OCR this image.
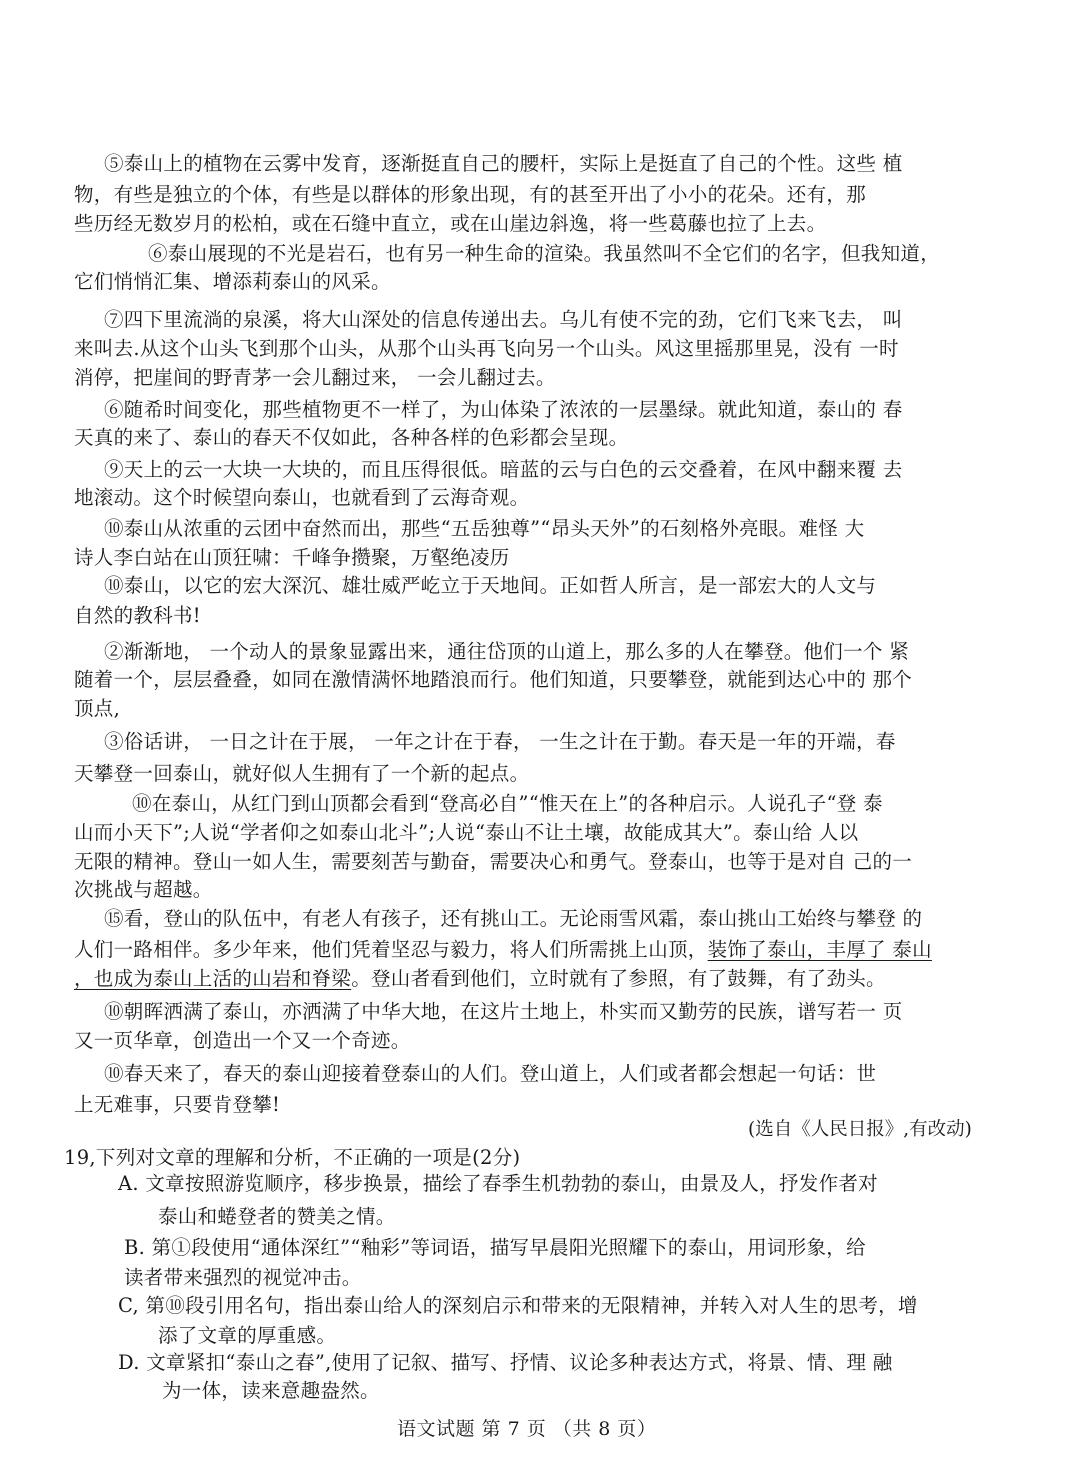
⑤泰山上的植物在云雾中发育，逐渐挺直自己的腰杆，实际上是挺直了自己的个性。这些 植
物，有些是独立的个体，有些是以群体的形象出现，有的甚至开出了小小的花朵。还有，那
些历经无数岁月的松柏，或在石缝中直立，或在山崖边斜逸，将一些葛藤也拉了上去。
⑥泰山展现的不光是岩石，也有另一种生命的渲染。我虽然叫不全它们的名字，但我知道，
它们悄悄汇集、增添莉泰山的风采。
⑦四下里流淌的泉溪，将大山深处的信息传递出去。乌儿有使不完的劲，它们飞来飞去， 叫
来叫去.从这个山头飞到那个山头，从那个山头再飞向另一个山头。风这里摇那里晃，没有 一时
消停，把崖间的野青茅一会儿翻过来， 一会儿翻过去。
⑥随希时间变化，那些植物更不一样了，为山体染了浓浓的一层墨绿。就此知道，泰山的 春
天真的来了、泰山的春天不仅如此，各种各样的色彩都会呈现。
⑨天上的云一大块一大块的，而且压得很低。暗蓝的云与白色的云交叠着，在风中翻来覆 去
地滚动。这个时候望向泰山，也就看到了云海奇观。
⑩泰山从浓重的云团中奋然而出，那些“五岳独尊”“昂头天外”的石刻格外亮眼。难怪 大
诗人李白站在山顶狂啸：千峰争攒聚，万壑绝凌历
⑩泰山，以它的宏大深沉、雄壮威严屹立于天地间。正如哲人所言，是一部宏大的人文与
自然的教科书!
②渐渐地， 一个动人的景象显露出来，通往岱顶的山道上，那么多的人在攀登。他们一个 紧
随着一个，层层叠叠，如同在激情满怀地踏浪而行。他们知道，只要攀登，就能到达心中的 那个
顶点,
③俗话讲， 一日之计在于展， 一年之计在于春， 一生之计在于勤。春天是一年的开端，春
天攀登一回泰山，就好似人生拥有了一个新的起点。
⑩在泰山，从红门到山顶都会看到“登高必自”“惟天在上”的各种启示。人说孔子“登 泰
山而小天下”;人说“学者仰之如泰山北斗”;人说“泰山不让土壤，故能成其大”。泰山给 人以
无限的精神。登山一如人生，需要刻苦与勤奋，需要决心和勇气。登泰山，也等于是对自 己的一
次挑战与超越。
⑮看，登山的队伍中，有老人有孩子，还有挑山工。无论雨雪风霜，泰山挑山工始终与攀登 的
人们一路相伴。多少年来，他们凭着坚忍与毅力，将人们所需挑上山顶，装饰了泰山，丰厚了 泰山
，也成为泰山上活的山岩和脊梁。登山者看到他们，立时就有了参照，有了鼓舞，有了劲头。
⑩朝晖洒满了泰山，亦洒满了中华大地，在这片土地上，朴实而又勤劳的民族，谱写若一 页
又一页华章，创造出一个又一个奇迹。
⑩春天来了，春天的泰山迎接着登泰山的人们。登山道上，人们或者都会想起一句话：世
上无难事，只要肯登攀!
(选自《人民日报》,有改动)
19,下列对文章的理解和分析，不正确的一项是(2分)
A. 文章按照游览顺序，移步换景，描绘了春季生机勃勃的泰山，由景及人，抒发作者对
泰山和蜷登者的赞美之情。
B. 第①段使用“通体深红”“釉彩”等词语，描写早晨阳光照耀下的泰山，用词形象，给
读者带来强烈的视觉冲击。
C, 第⑩段引用名句，指出泰山给人的深刻启示和带来的无限精神，并转入对人生的思考，增
添了文章的厚重感。
D. 文章紧扣“泰山之春”,使用了记叙、描写、抒情、议论多种表达方式，将景、情、理 融
为一体，读来意趣盎然。
语文试题 第 7 页 （共 8 页）
